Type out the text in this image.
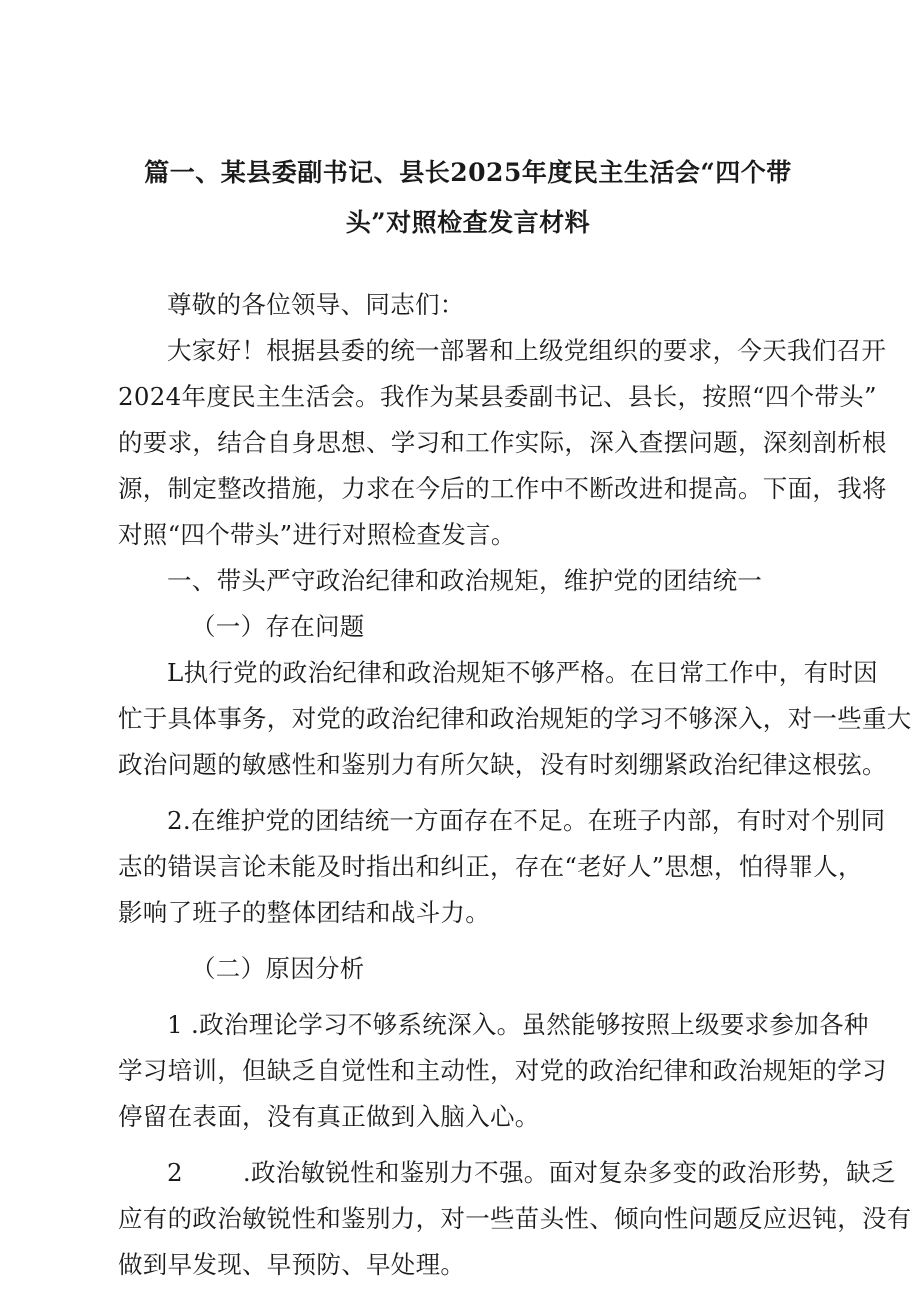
篇一、某县委副书记、县长2025年度民主生活会“四个带
头”对照检查发言材料
尊敬的各位领导、同志们：
大家好！根据县委的统一部署和上级党组织的要求，今天我们召开
2024年度民主生活会。我作为某县委副书记、县长，按照“四个带头”
的要求，结合自身思想、学习和工作实际，深入查摆问题，深刻剖析根
源，制定整改措施，力求在今后的工作中不断改进和提高。下面，我将
对照“四个带头”进行对照检查发言。
一、带头严守政治纪律和政治规矩，维护党的团结统一
（一）存在问题
L执行党的政治纪律和政治规矩不够严格。在日常工作中，有时因
忙于具体事务，对党的政治纪律和政治规矩的学习不够深入，对一些重大
政治问题的敏感性和鉴别力有所欠缺，没有时刻绷紧政治纪律这根弦。
2.在维护党的团结统一方面存在不足。在班子内部，有时对个别同
志的错误言论未能及时指出和纠正，存在“老好人”思想，怕得罪人，
影响了班子的整体团结和战斗力。
（二）原因分析
1 .政治理论学习不够系统深入。虽然能够按照上级要求参加各种
学习培训，但缺乏自觉性和主动性，对党的政治纪律和政治规矩的学习
停留在表面，没有真正做到入脑入心。
2 .政治敏锐性和鉴别力不强。面对复杂多变的政治形势，缺乏
应有的政治敏锐性和鉴别力，对一些苗头性、倾向性问题反应迟钝，没有
做到早发现、早预防、早处理。
